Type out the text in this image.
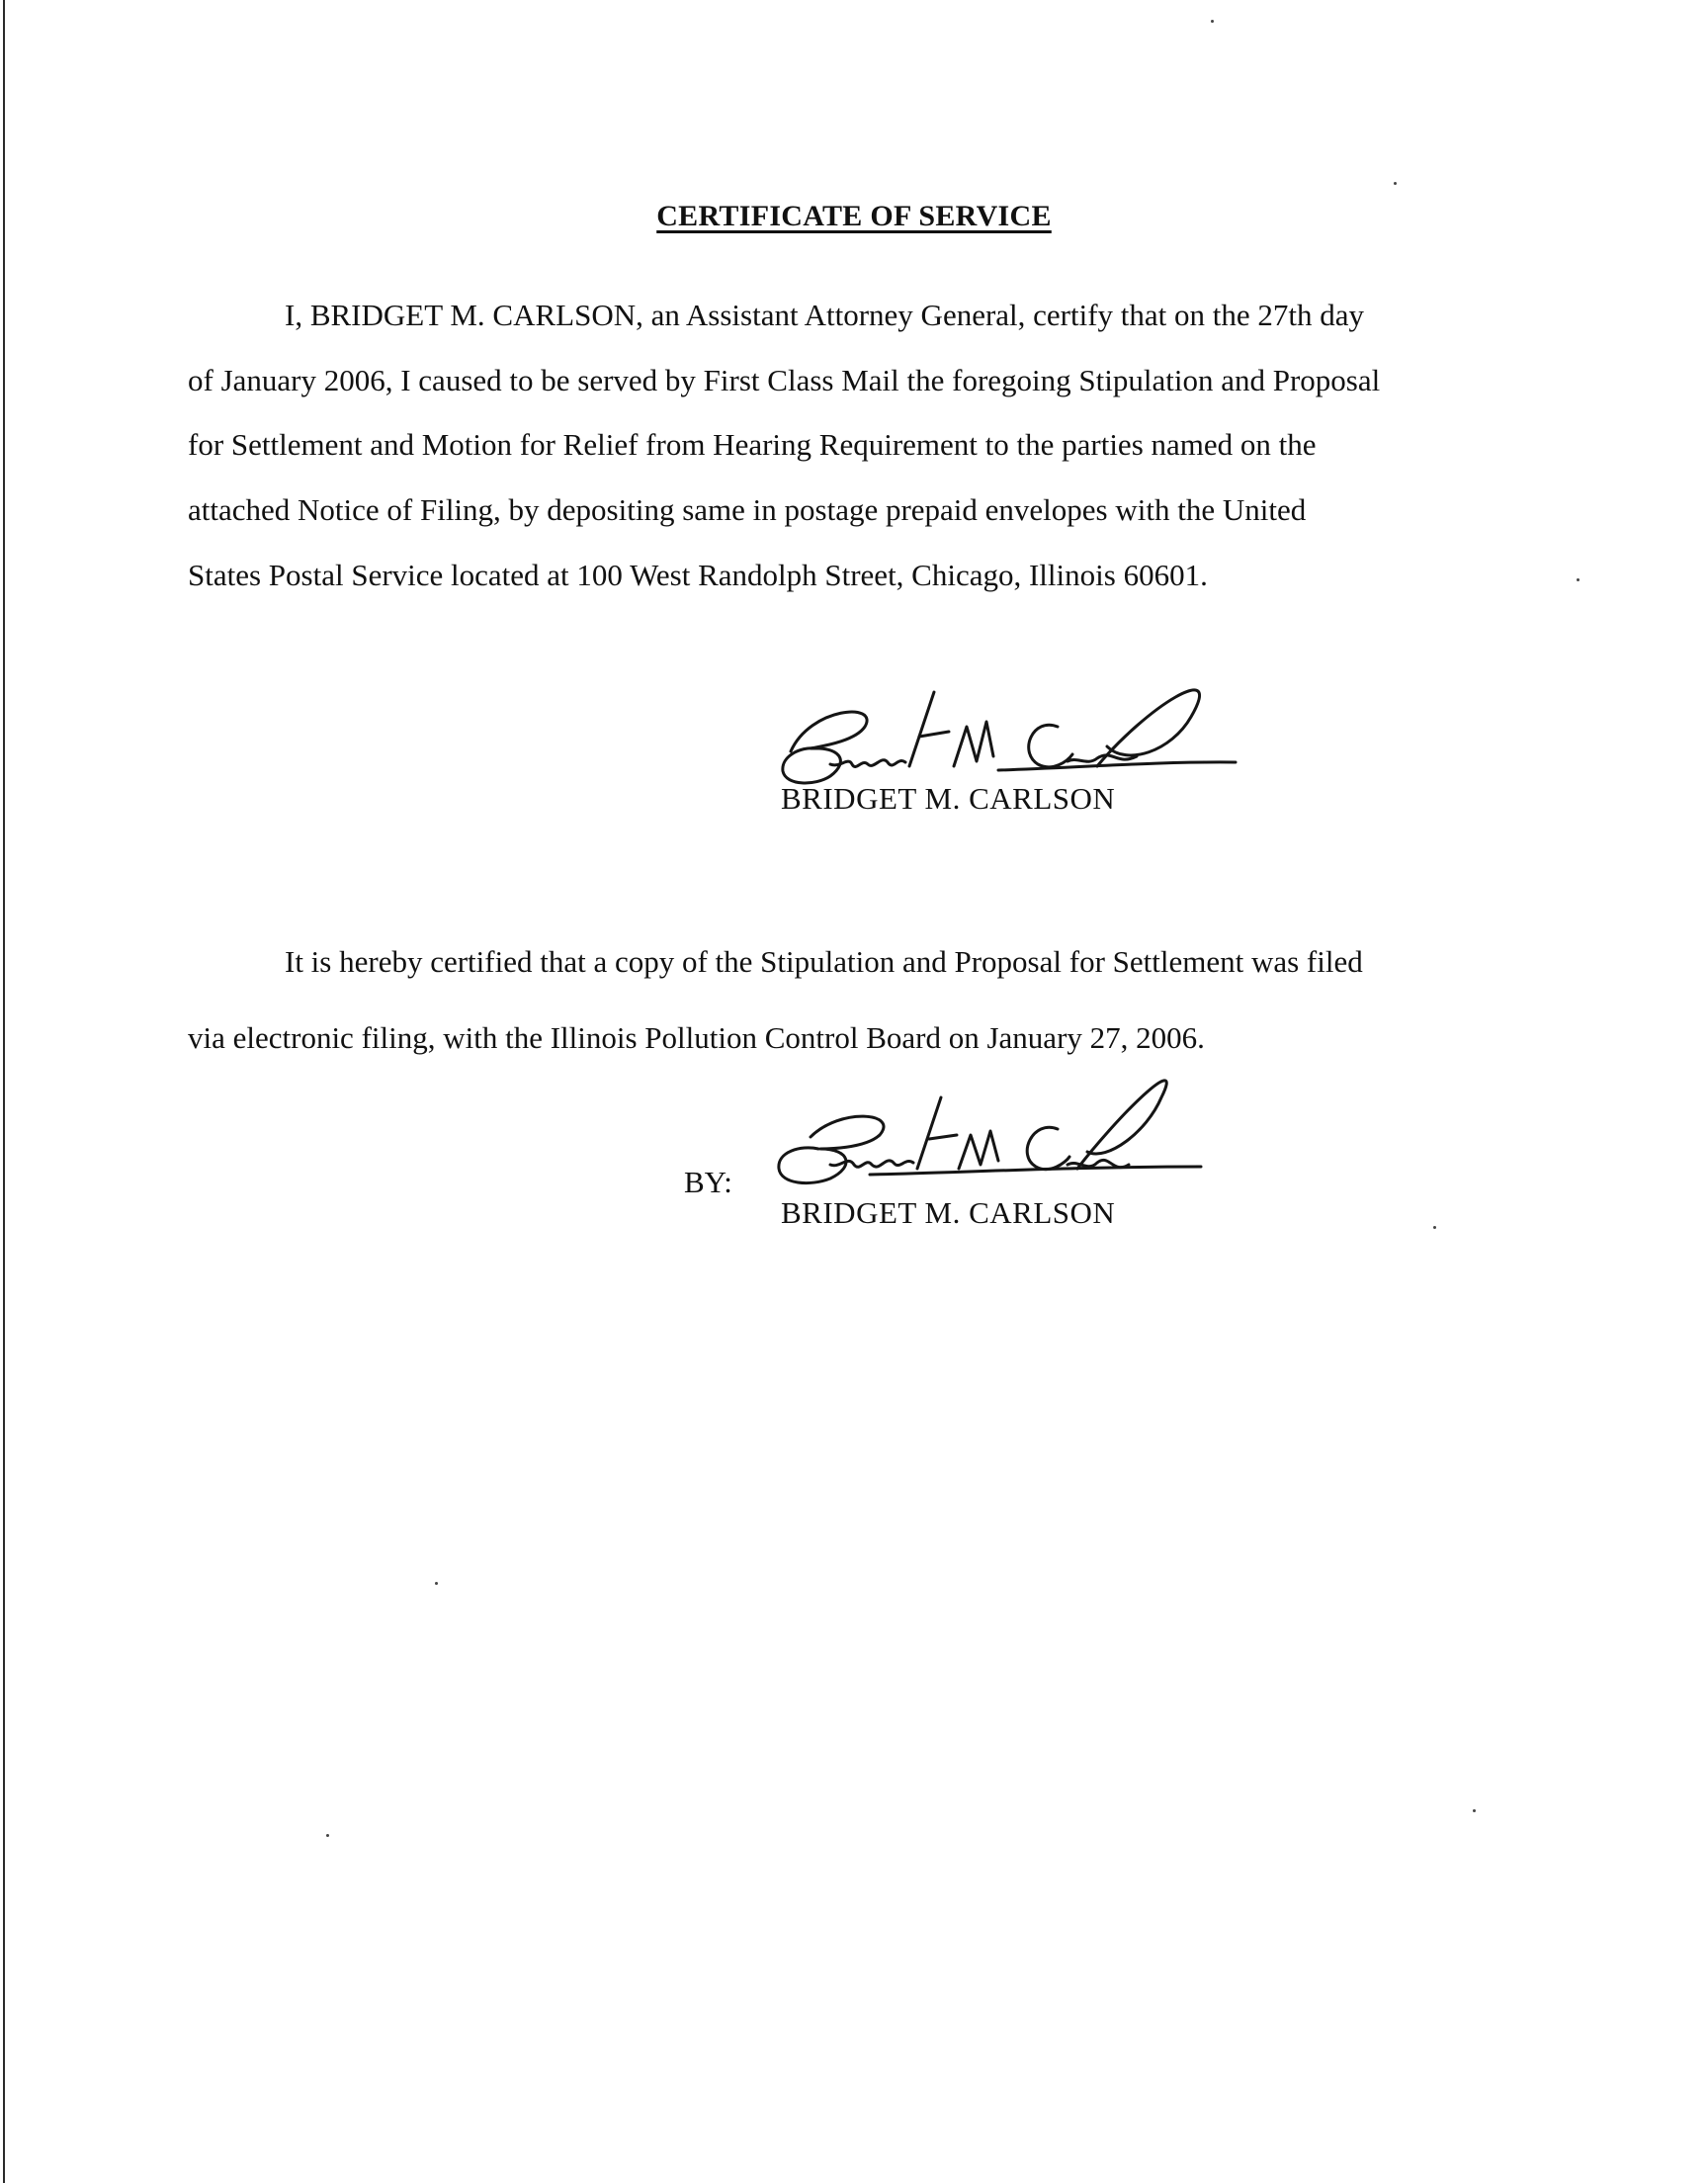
CERTIFICATE OF SERVICE
I, BRIDGET M. CARLSON, an Assistant Attorney General, certify that on the 27th day
of January 2006, I caused to be served by First Class Mail the foregoing Stipulation and Proposal
for Settlement and Motion for Relief from Hearing Requirement to the parties named on the
attached Notice of Filing, by depositing same in postage prepaid envelopes with the United
States Postal Service located at 100 West Randolph Street, Chicago, Illinois 60601.
BRIDGET M. CARLSON
It is hereby certified that a copy of the Stipulation and Proposal for Settlement was filed
via electronic filing, with the Illinois Pollution Control Board on January 27, 2006.
BY:
BRIDGET M. CARLSON
